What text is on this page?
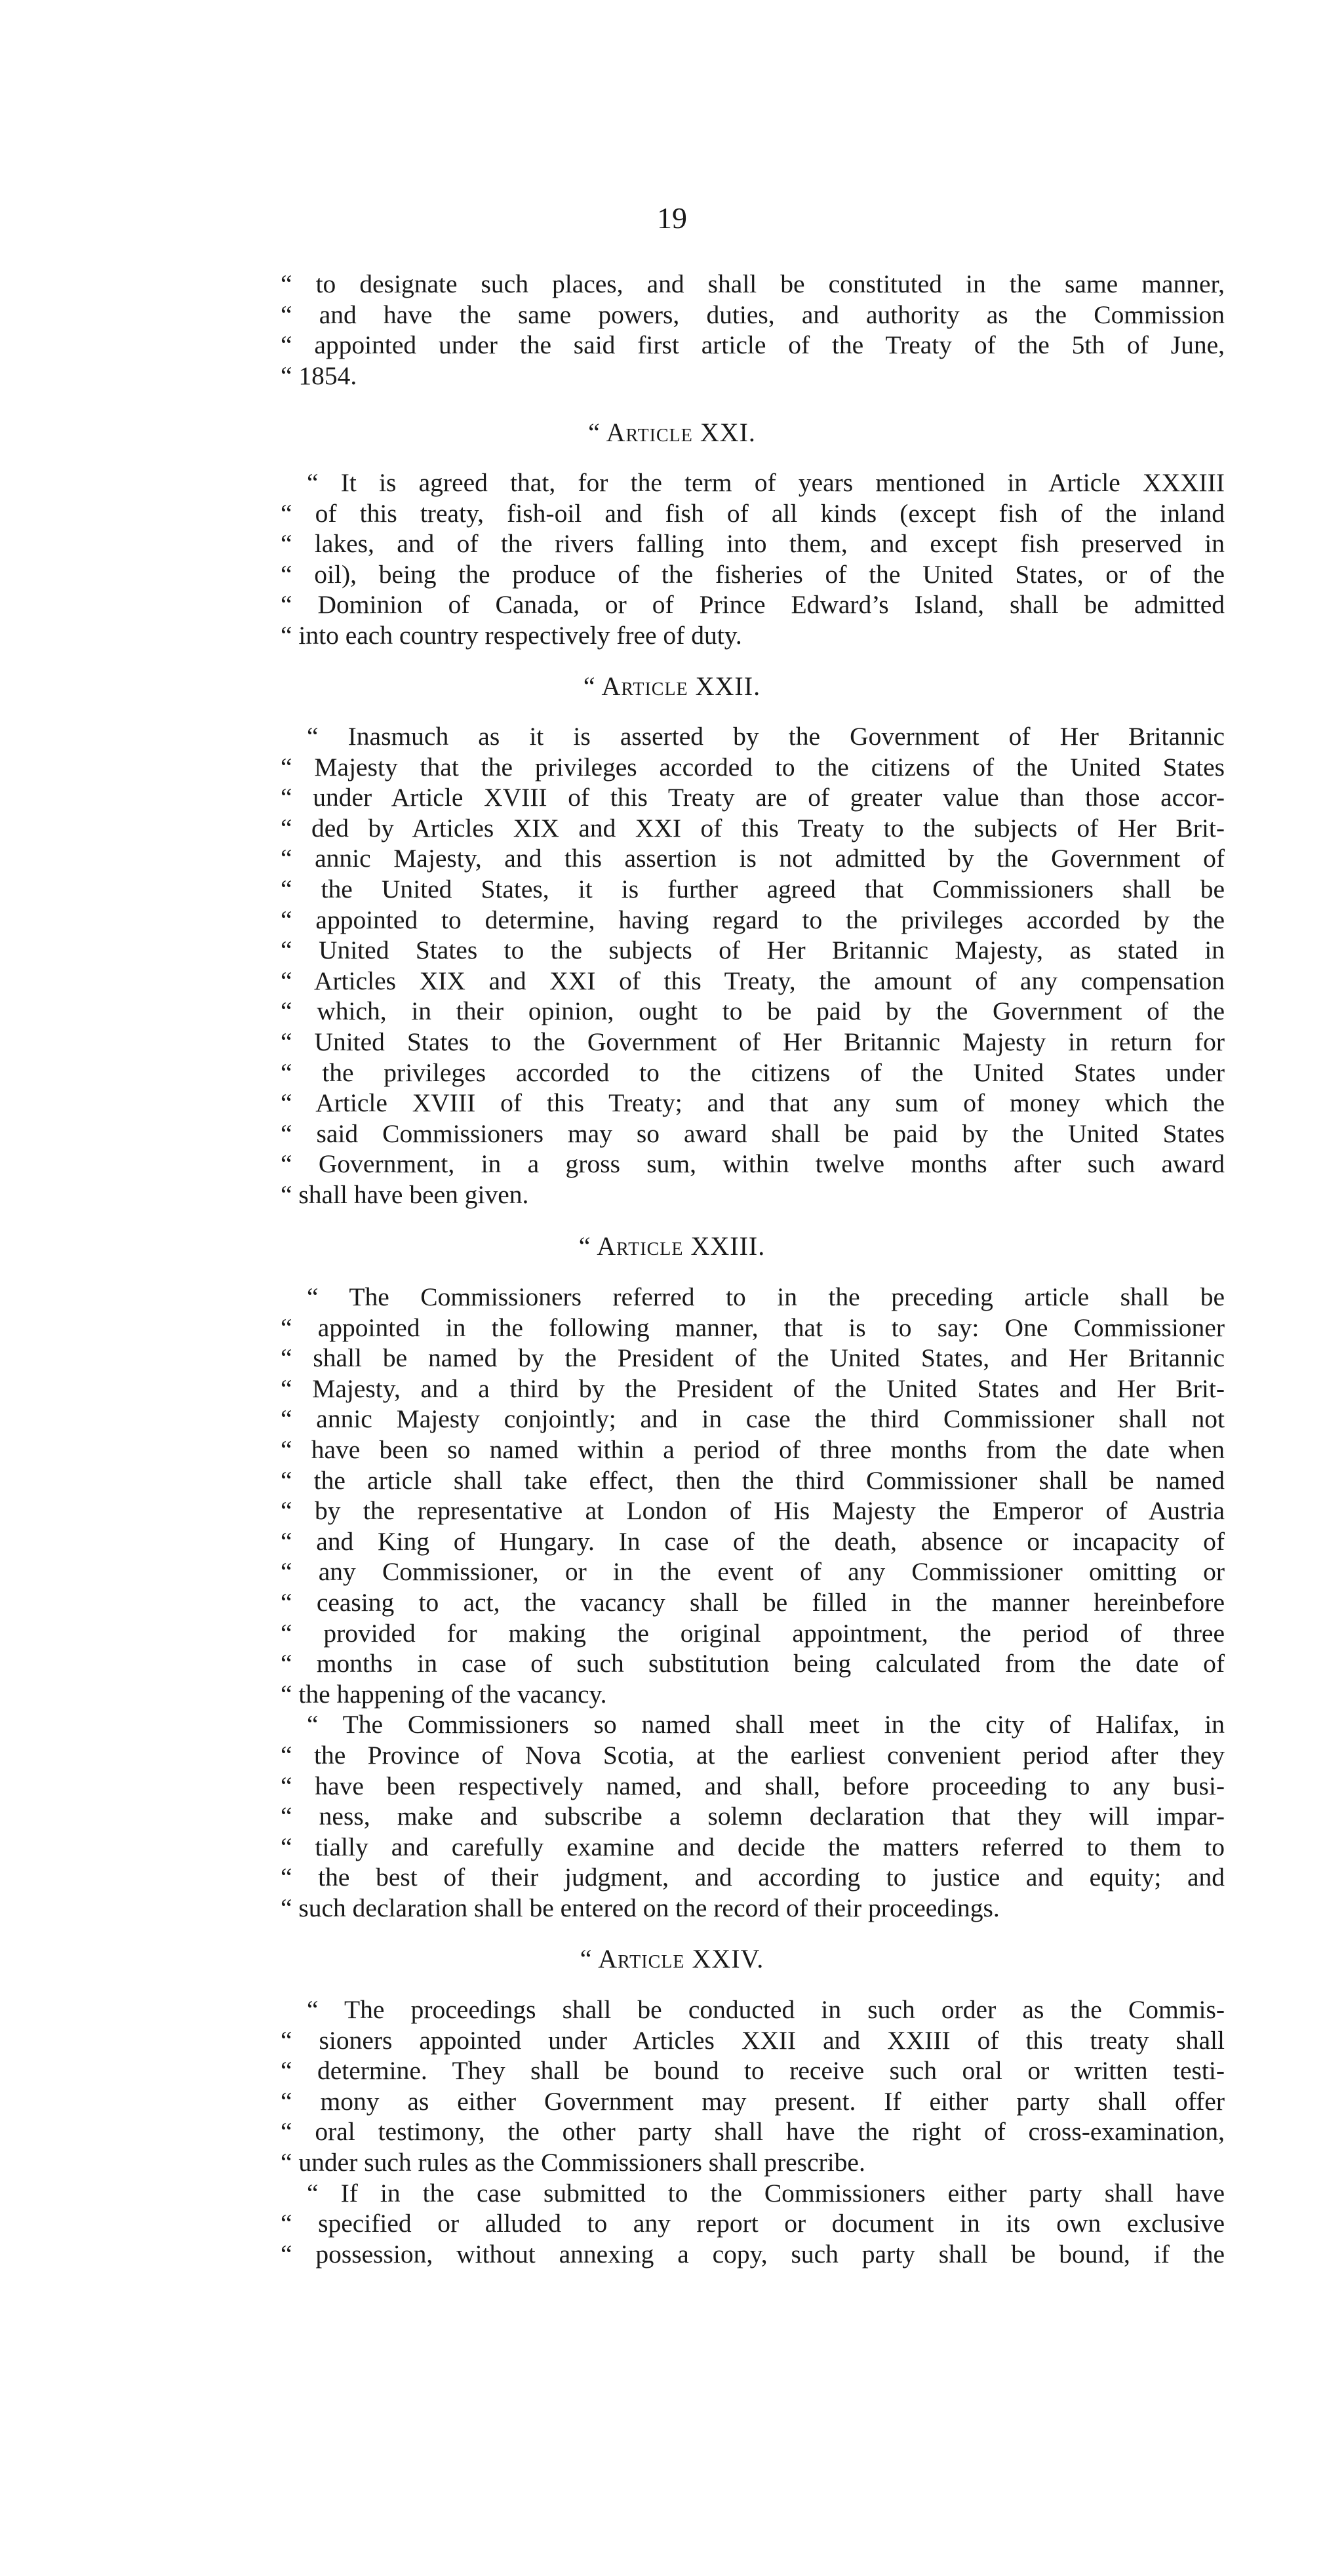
19
“ to designate such places, and shall be constituted in the same manner,
“ and have the same powers, duties, and authority as the Commission
“ appointed under the said first article of the Treaty of the 5th of June,
“ 1854.
“ Article XXI.
“ It is agreed that, for the term of years mentioned in Article XXXIII
“ of this treaty, fish-oil and fish of all kinds (except fish of the inland
“ lakes, and of the rivers falling into them, and except fish preserved in
“ oil), being the produce of the fisheries of the United States, or of the
“ Dominion of Canada, or of Prince Edward’s Island, shall be admitted
“ into each country respectively free of duty.
“ Article XXII.
“ Inasmuch as it is asserted by the Government of Her Britannic
“ Majesty that the privileges accorded to the citizens of the United States
“ under Article XVIII of this Treaty are of greater value than those accor-
“ ded by Articles XIX and XXI of this Treaty to the subjects of Her Brit-
“ annic Majesty, and this assertion is not admitted by the Government of
“ the United States, it is further agreed that Commissioners shall be
“ appointed to determine, having regard to the privileges accorded by the
“ United States to the subjects of Her Britannic Majesty, as stated in
“ Articles XIX and XXI of this Treaty, the amount of any compensation
“ which, in their opinion, ought to be paid by the Government of the
“ United States to the Government of Her Britannic Majesty in return for
“ the privileges accorded to the citizens of the United States under
“ Article XVIII of this Treaty; and that any sum of money which the
“ said Commissioners may so award shall be paid by the United States
“ Government, in a gross sum, within twelve months after such award
“ shall have been given.
“ Article XXIII.
“ The Commissioners referred to in the preceding article shall be
“ appointed in the following manner, that is to say: One Commissioner
“ shall be named by the President of the United States, and Her Britannic
“ Majesty, and a third by the President of the United States and Her Brit-
“ annic Majesty conjointly; and in case the third Commissioner shall not
“ have been so named within a period of three months from the date when
“ the article shall take effect, then the third Commissioner shall be named
“ by the representative at London of His Majesty the Emperor of Austria
“ and King of Hungary. In case of the death, absence or incapacity of
“ any Commissioner, or in the event of any Commissioner omitting or
“ ceasing to act, the vacancy shall be filled in the manner hereinbefore
“ provided for making the original appointment, the period of three
“ months in case of such substitution being calculated from the date of
“ the happening of the vacancy.
“ The Commissioners so named shall meet in the city of Halifax, in
“ the Province of Nova Scotia, at the earliest convenient period after they
“ have been respectively named, and shall, before proceeding to any busi-
“ ness, make and subscribe a solemn declaration that they will impar-
“ tially and carefully examine and decide the matters referred to them to
“ the best of their judgment, and according to justice and equity; and
“ such declaration shall be entered on the record of their proceedings.
“ Article XXIV.
“ The proceedings shall be conducted in such order as the Commis-
“ sioners appointed under Articles XXII and XXIII of this treaty shall
“ determine. They shall be bound to receive such oral or written testi-
“ mony as either Government may present. If either party shall offer
“ oral testimony, the other party shall have the right of cross-examination,
“ under such rules as the Commissioners shall prescribe.
“ If in the case submitted to the Commissioners either party shall have
“ specified or alluded to any report or document in its own exclusive
“ possession, without annexing a copy, such party shall be bound, if the
